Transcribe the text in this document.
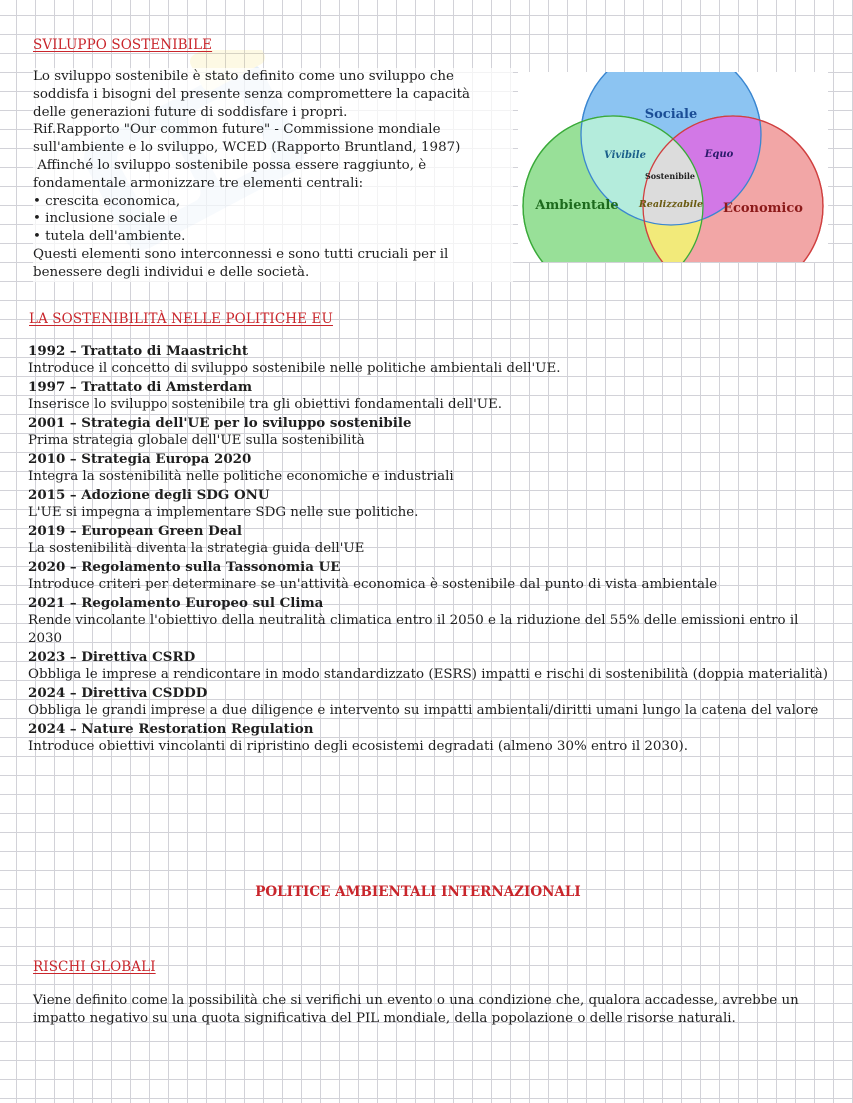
SVILUPPO SOSTENIBILE
Lo sviluppo sostenibile è stato definito come uno sviluppo che
soddisfa i bisogni del presente senza compromettere la capacità
delle generazioni future di soddisfare i propri.
Rif.Rapporto "Our common future" - Commissione mondiale
sull'ambiente e lo sviluppo, WCED (Rapporto Bruntland, 1987)
Affinché lo sviluppo sostenibile possa essere raggiunto, è
fondamentale armonizzare tre elementi centrali:
• crescita economica,
• inclusione sociale e
• tutela dell'ambiente.
Questi elementi sono interconnessi e sono tutti cruciali per il
benessere degli individui e delle società.
Sociale
Ambientale	Economico
Vivibile	Equo
Realizzabile
Sostenibile
LA SOSTENIBILITÀ NELLE POLITICHE EU
1992 – Trattato di Maastricht
Introduce il concetto di sviluppo sostenibile nelle politiche ambientali dell'UE.
1997 – Trattato di Amsterdam
Inserisce lo sviluppo sostenibile tra gli obiettivi fondamentali dell'UE.
2001 – Strategia dell'UE per lo sviluppo sostenibile
Prima strategia globale dell'UE sulla sostenibilità
2010 – Strategia Europa 2020
Integra la sostenibilità nelle politiche economiche e industriali
2015 – Adozione degli SDG ONU
L'UE si impegna a implementare SDG nelle sue politiche.
2019 – European Green Deal
La sostenibilità diventa la strategia guida dell'UE
2020 – Regolamento sulla Tassonomia UE
Introduce criteri per determinare se un'attività economica è sostenibile dal punto di vista ambientale
2021 – Regolamento Europeo sul Clima
Rende vincolante l'obiettivo della neutralità climatica entro il 2050 e la riduzione del 55% delle emissioni entro il 2030
2023 – Direttiva CSRD
Obbliga le imprese a rendicontare in modo standardizzato (ESRS) impatti e rischi di sostenibilità (doppia materialità)
2024 – Direttiva CSDDD
Obbliga le grandi imprese a due diligence e intervento su impatti ambientali/diritti umani lungo la catena del valore
2024 – Nature Restoration Regulation
Introduce obiettivi vincolanti di ripristino degli ecosistemi degradati (almeno 30% entro il 2030).
POLITICE AMBIENTALI INTERNAZIONALI
RISCHI GLOBALI
Viene definito come la possibilità che si verifichi un evento o una condizione che, qualora accadesse, avrebbe un impatto negativo su una quota significativa del PIL mondiale, della popolazione o delle risorse naturali.
